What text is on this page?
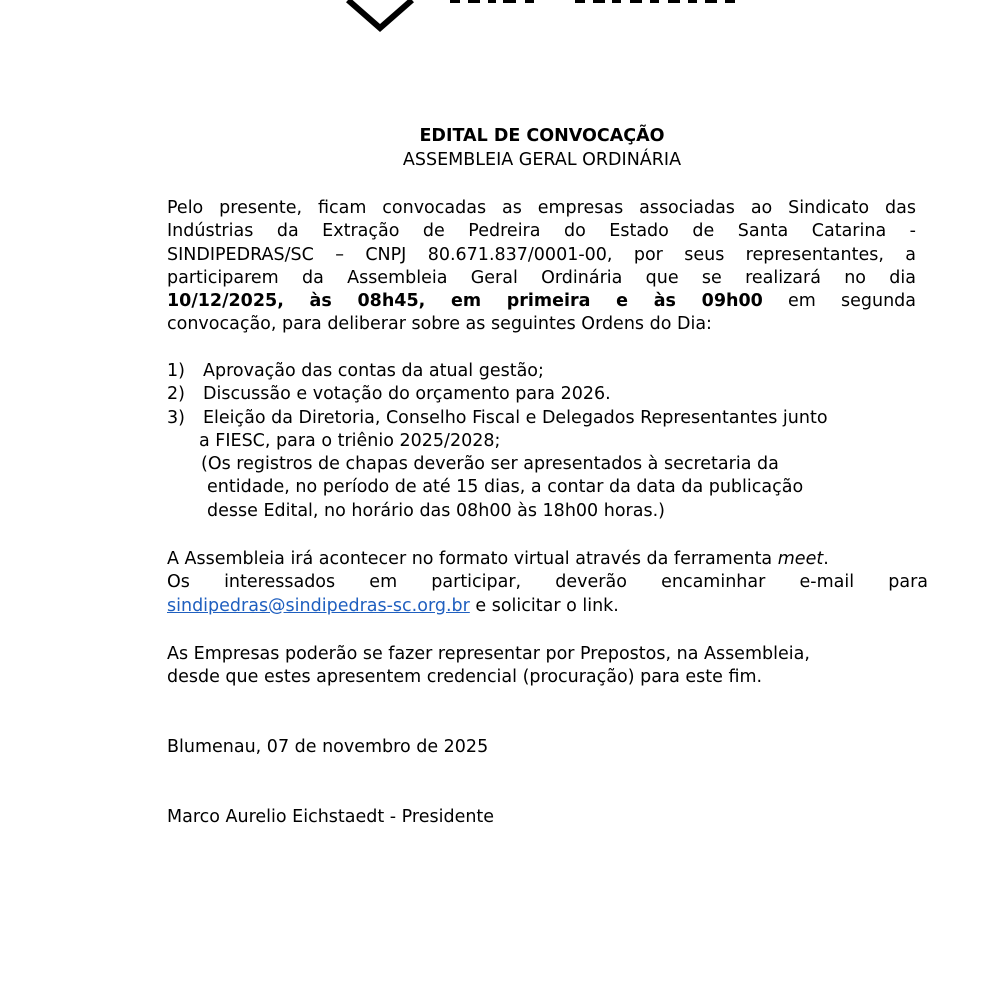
EDITAL DE CONVOCAÇÃO
ASSEMBLEIA GERAL ORDINÁRIA
Pelo presente, ficam convocadas as empresas associadas ao Sindicato das
Indústrias da Extração de Pedreira do Estado de Santa Catarina -
SINDIPEDRAS/SC – CNPJ 80.671.837/0001-00, por seus representantes, a
participarem da Assembleia Geral Ordinária que se realizará no dia
10/12/2025, às 08h45, em primeira e às 09h00 em segunda
convocação, para deliberar sobre as seguintes Ordens do Dia:
1) Aprovação das contas da atual gestão;
2) Discussão e votação do orçamento para 2026.
3) Eleição da Diretoria, Conselho Fiscal e Delegados Representantes junto
a FIESC, para o triênio 2025/2028;
(Os registros de chapas deverão ser apresentados à secretaria da
entidade, no período de até 15 dias, a contar da data da publicação
desse Edital, no horário das 08h00 às 18h00 horas.)
A Assembleia irá acontecer no formato virtual através da ferramenta meet.
Os interessados em participar, deverão encaminhar e-mail para
sindipedras@sindipedras-sc.org.br e solicitar o link.
As Empresas poderão se fazer representar por Prepostos, na Assembleia,
desde que estes apresentem credencial (procuração) para este fim.
Blumenau, 07 de novembro de 2025
Marco Aurelio Eichstaedt - Presidente
